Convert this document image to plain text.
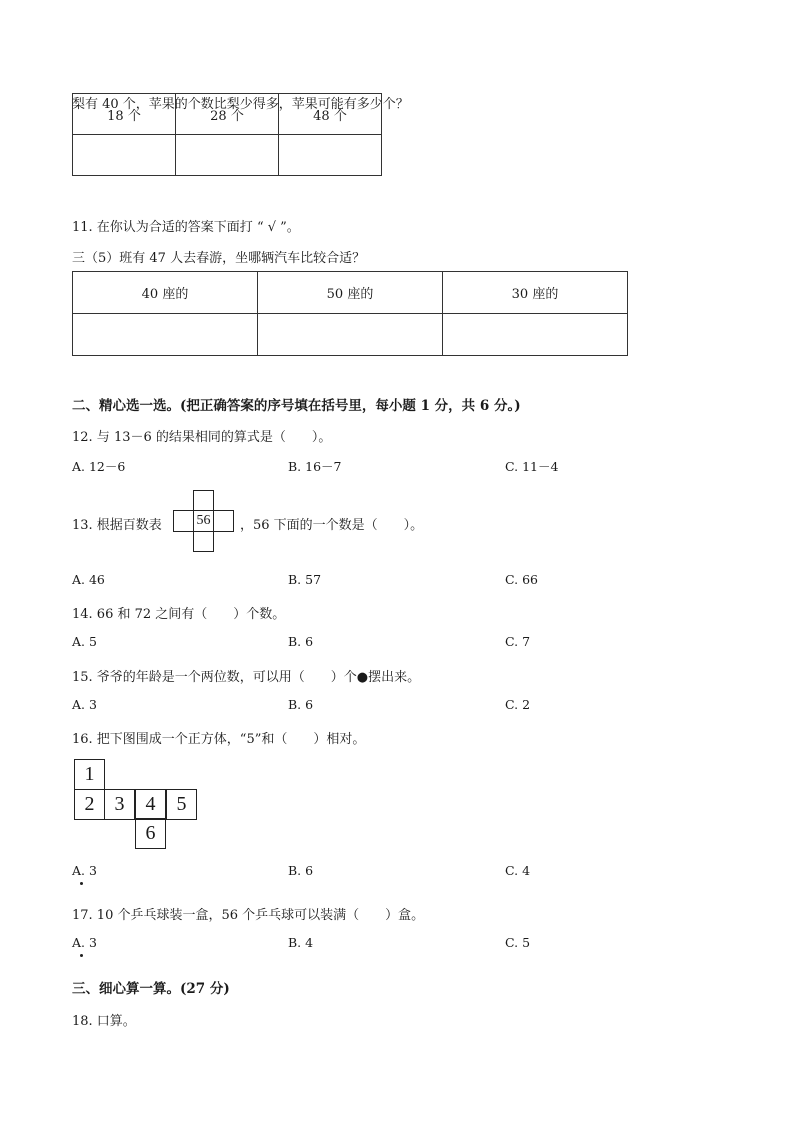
梨有 40 个，苹果的个数比梨少得多，苹果可能有多少个？
18 个	28 个	48 个

11. 在你认为合适的答案下面打 “ √ ”。
三（5）班有 47 人去春游，坐哪辆汽车比较合适？
40 座的	50 座的	30 座的

二、精心选一选。(把正确答案的序号填在括号里，每小题 1 分，共 6 分。)
12. 与 13－6 的结果相同的算式是（　　）。
A. 12－6	B. 16－7	C. 11－4
13. 根据百数表 56 ，56 下面的一个数是（　　）。
A. 46	B. 57	C. 66
14. 66 和 72 之间有（　　）个数。
A. 5	B. 6	C. 7
15. 爷爷的年龄是一个两位数，可以用（　　）个●摆出来。
A. 3	B. 6	C. 2
16. 把下图围成一个正方体，“5”和（　　）相对。
1
2	3	4	5
6
A. 3	B. 6	C. 4
17. 10 个乒乓球装一盒，56 个乒乓球可以装满（　　）盒。
A. 3	B. 4	C. 5
三、细心算一算。(27 分)
18. 口算。
